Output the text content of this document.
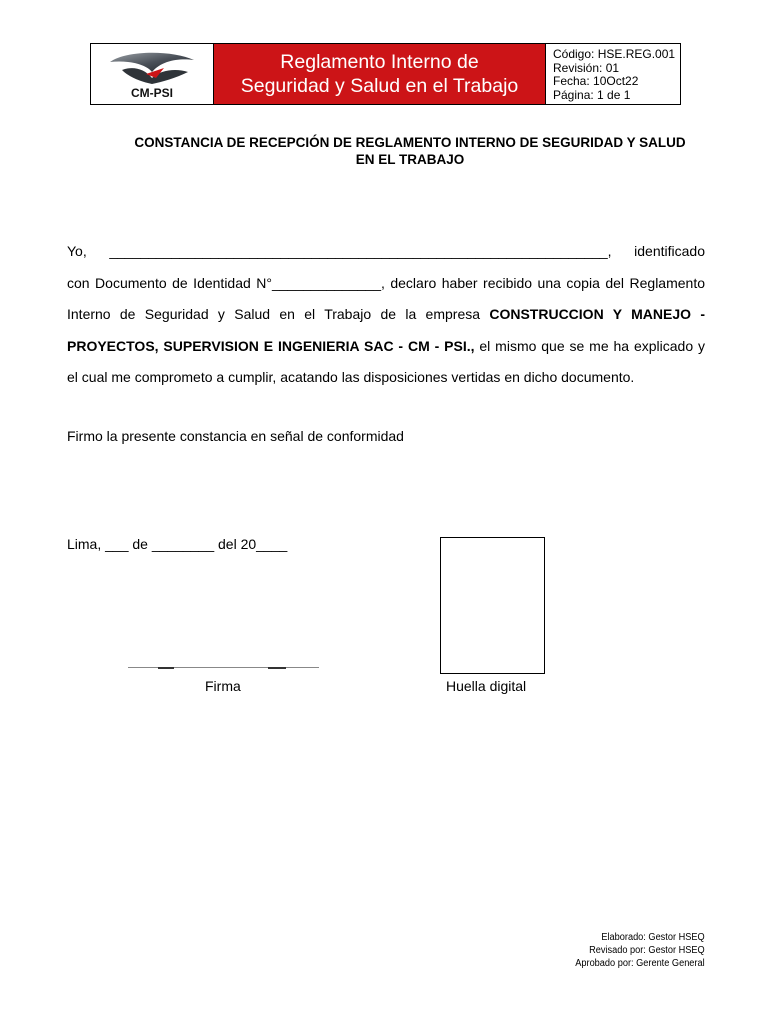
CM-PSI
Reglamento Interno de
Seguridad y Salud en el Trabajo
Código: HSE.REG.001
Revisión: 01
Fecha: 10Oct22
Página: 1 de 1
CONSTANCIA DE RECEPCIÓN DE REGLAMENTO INTERNO DE SEGURIDAD Y SALUD
EN EL TRABAJO
Yo, ________________________________________________________________, identificado
con Documento de Identidad N°______________, declaro haber recibido una copia del Reglamento
Interno de Seguridad y Salud en el Trabajo de la empresa CONSTRUCCION Y MANEJO -
PROYECTOS, SUPERVISION E INGENIERIA SAC - CM - PSI., el mismo que se me ha explicado y
el cual me comprometo a cumplir, acatando las disposiciones vertidas en dicho documento.
Firmo la presente constancia en señal de conformidad
Lima, ___ de ________ del 20____
Firma	Huella digital
Elaborado: Gestor HSEQ
Revisado por: Gestor HSEQ
Aprobado por: Gerente General
